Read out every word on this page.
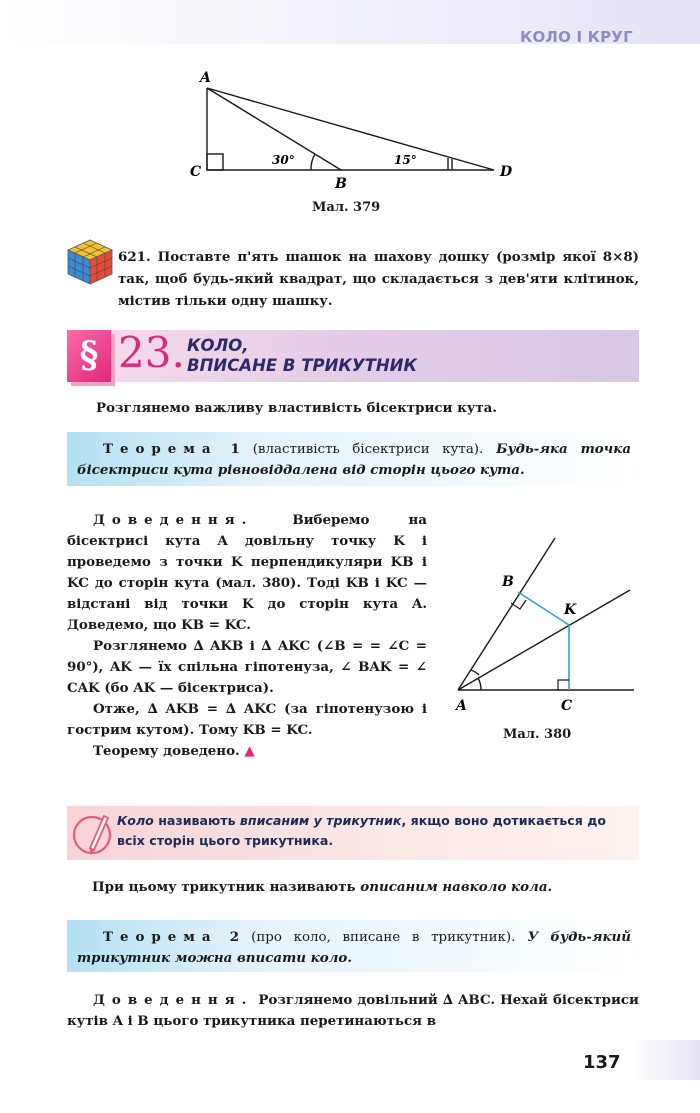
КОЛО І КРУГ
A
C
B
D
30°	15°
Мал. 379
621. Поставте п'ять шашок на шахову дошку (розмір якої 8×8) так, щоб будь-який квадрат, що складається з дев'яти клітинок, містив тільки одну шашку.
§ 23. КОЛО,
ВПИСАНЕ В ТРИКУТНИК
Розглянемо важливу властивість бісектриси кута.
Теорема 1 (властивість бісектриси кута). Будь-яка точка бісектриси кута рівновіддалена від сторін цього кута.

Доведення.	Виберемо на бісектрисі кута A довільну точку K і проведемо з точки K перпендикуляри KB і KC до сторін кута (мал. 380). Тоді KB і KC — відстані від точки K до сторін кута A. Доведемо, що KB = KC.

Розглянемо ∆ AKB і ∆ AKC (∠B = = ∠C = 90°), AK — їх спільна гіпотенуза, ∠ BAK = ∠ CAK (бо AK — бісектриса).

Отже, ∆ AKB = ∆ AKC (за гіпотенузою і гострим кутом). Тому KB = KC.

Теорему доведено. ▲

B
K
A	C
Мал. 380
Коло називають вписаним у трикутник, якщо воно дотикається до всіх сторін цього трикутника.
При цьому трикутник називають описаним навколо кола.
Теорема 2 (про коло, вписане в трикутник). У будь-який трикутник можна вписати коло.

Доведення. Розглянемо довільний ∆ ABC. Нехай бісектриси кутів A і B цього трикутника перетинаються в

137
